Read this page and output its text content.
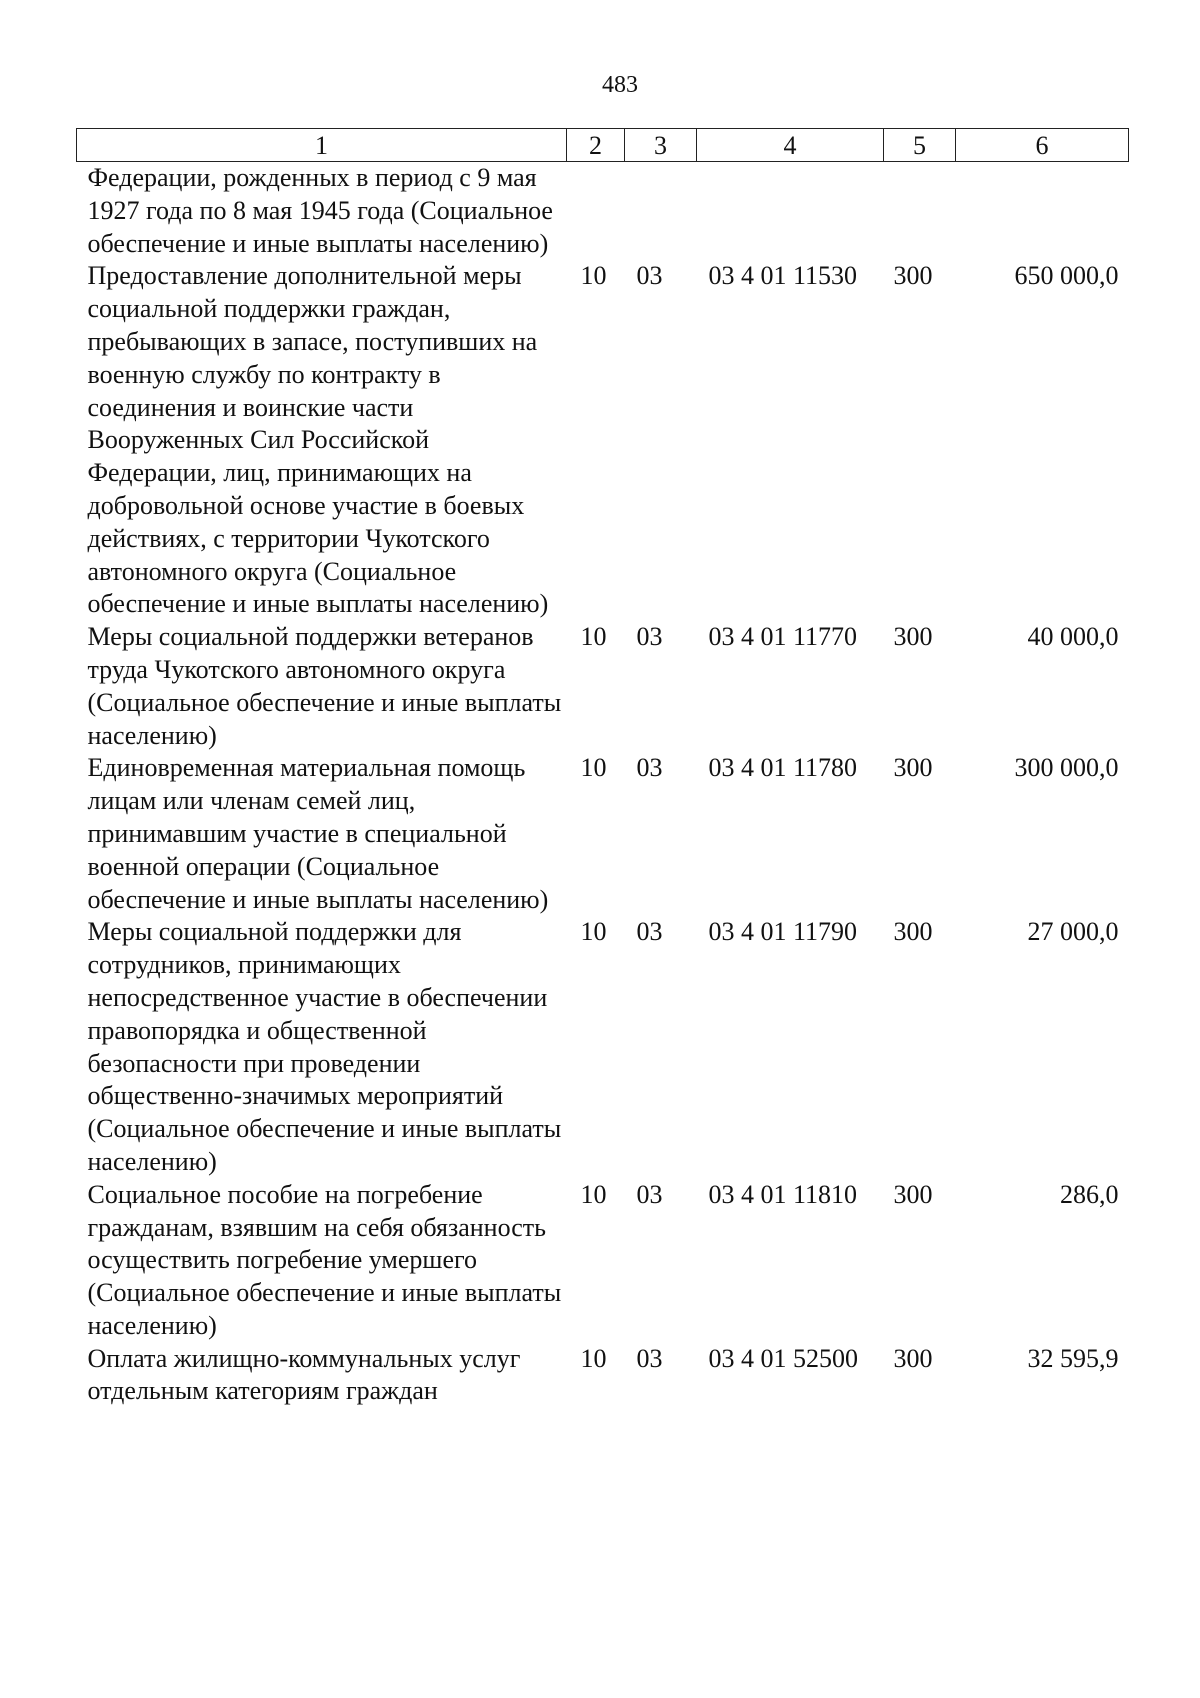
483
1	2	3	4	5	6
Федерации, рожденных в период с 9 мая 1927 года по 8 мая 1945 года (Социальное обеспечение и иные выплаты населению)					
Предоставление дополнительной меры социальной поддержки граждан, пребывающих в запасе, поступивших на военную службу по контракту в соединения и воинские части Вооруженных Сил Российской Федерации, лиц, принимающих на добровольной основе участие в боевых действиях, с территории Чукотского автономного округа (Социальное обеспечение и иные выплаты населению)	10	03	03 4 01 11530	300	650 000,0
Меры социальной поддержки ветеранов труда Чукотского автономного округа (Социальное обеспечение и иные выплаты населению)	10	03	03 4 01 11770	300	40 000,0
Единовременная материальная помощь лицам или членам семей лиц, принимавшим участие в специальной военной операции (Социальное обеспечение и иные выплаты населению)	10	03	03 4 01 11780	300	300 000,0
Меры социальной поддержки для сотрудников, принимающих непосредственное участие в обеспечении правопорядка и общественной безопасности при проведении общественно-значимых мероприятий (Социальное обеспечение и иные выплаты населению)	10	03	03 4 01 11790	300	27 000,0
Социальное пособие на погребение гражданам, взявшим на себя обязанность осуществить погребение умершего (Социальное обеспечение и иные выплаты населению)	10	03	03 4 01 11810	300	286,0
Оплата жилищно-коммунальных услуг отдельным категориям граждан	10	03	03 4 01 52500	300	32 595,9
